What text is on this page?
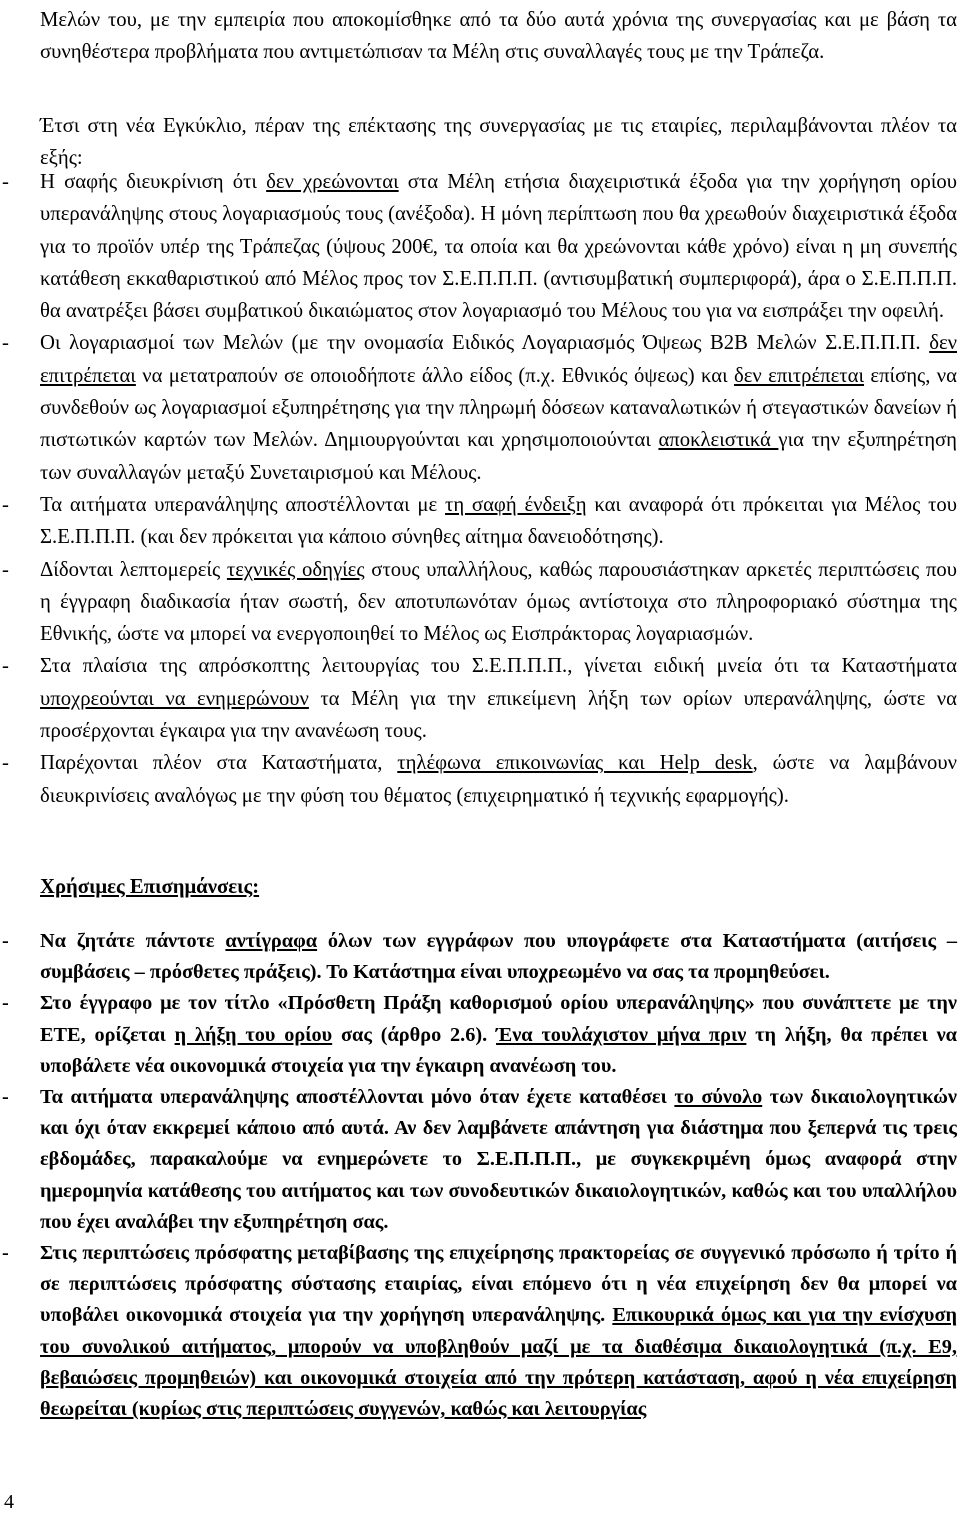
Μελών του, με την εμπειρία που αποκομίσθηκε από τα δύο αυτά χρόνια της συνεργασίας και με βάση τα συνηθέστερα προβλήματα που αντιμετώπισαν τα Μέλη στις συναλλαγές τους με την Τράπεζα.

Έτσι στη νέα Εγκύκλιο, πέραν της επέκτασης της συνεργασίας με τις εταιρίες, περιλαμβάνονται πλέον τα εξής:

- Η σαφής διευκρίνιση ότι δεν χρεώνονται στα Μέλη ετήσια διαχειριστικά έξοδα για την χορήγηση ορίου υπερανάληψης στους λογαριασμούς τους (ανέξοδα). Η μόνη περίπτωση που θα χρεωθούν διαχειριστικά έξοδα για το προϊόν υπέρ της Τράπεζας (ύψους 200€, τα οποία και θα χρεώνονται κάθε χρόνο) είναι η μη συνεπής κατάθεση εκκαθαριστικού από Μέλος προς τον Σ.Ε.Π.Π.Π. (αντισυμβατική συμπεριφορά), άρα ο Σ.Ε.Π.Π.Π. θα ανατρέξει βάσει συμβατικού δικαιώματος στον λογαριασμό του Μέλους του για να εισπράξει την οφειλή.
- Οι λογαριασμοί των Μελών (με την ονομασία Ειδικός Λογαριασμός Όψεως B2B Μελών Σ.Ε.Π.Π.Π. δεν επιτρέπεται να μετατραπούν σε οποιοδήποτε άλλο είδος (π.χ. Εθνικός όψεως) και δεν επιτρέπεται επίσης, να συνδεθούν ως λογαριασμοί εξυπηρέτησης για την πληρωμή δόσεων καταναλωτικών ή στεγαστικών δανείων ή πιστωτικών καρτών των Μελών. Δημιουργούνται και χρησιμοποιούνται αποκλειστικά για την εξυπηρέτηση των συναλλαγών μεταξύ Συνεταιρισμού και Μέλους.
- Τα αιτήματα υπερανάληψης αποστέλλονται με τη σαφή ένδειξη και αναφορά ότι πρόκειται για Μέλος του Σ.Ε.Π.Π.Π. (και δεν πρόκειται για κάποιο σύνηθες αίτημα δανειοδότησης).
- Δίδονται λεπτομερείς τεχνικές οδηγίες στους υπαλλήλους, καθώς παρουσιάστηκαν αρκετές περιπτώσεις που η έγγραφη διαδικασία ήταν σωστή, δεν αποτυπωνόταν όμως αντίστοιχα στο πληροφοριακό σύστημα της Εθνικής, ώστε να μπορεί να ενεργοποιηθεί το Μέλος ως Εισπράκτορας λογαριασμών.
- Στα πλαίσια της απρόσκοπτης λειτουργίας του Σ.Ε.Π.Π.Π., γίνεται ειδική μνεία ότι τα Καταστήματα υποχρεούνται να ενημερώνουν τα Μέλη για την επικείμενη λήξη των ορίων υπερανάληψης, ώστε να προσέρχονται έγκαιρα για την ανανέωση τους.
- Παρέχονται πλέον στα Καταστήματα, τηλέφωνα επικοινωνίας και Help desk, ώστε να λαμβάνουν διευκρινίσεις αναλόγως με την φύση του θέματος (επιχειρηματικό ή τεχνικής εφαρμογής).

Χρήσιμες Επισημάνσεις:

- Να ζητάτε πάντοτε αντίγραφα όλων των εγγράφων που υπογράφετε στα Καταστήματα (αιτήσεις – συμβάσεις – πρόσθετες πράξεις). Το Κατάστημα είναι υποχρεωμένο να σας τα προμηθεύσει.
- Στο έγγραφο με τον τίτλο «Πρόσθετη Πράξη καθορισμού ορίου υπερανάληψης» που συνάπτετε με την ΕΤΕ, ορίζεται η λήξη του ορίου σας (άρθρο 2.6). Ένα τουλάχιστον μήνα πριν τη λήξη, θα πρέπει να υποβάλετε νέα οικονομικά στοιχεία για την έγκαιρη ανανέωση του.
- Τα αιτήματα υπερανάληψης αποστέλλονται μόνο όταν έχετε καταθέσει το σύνολο των δικαιολογητικών και όχι όταν εκκρεμεί κάποιο από αυτά. Αν δεν λαμβάνετε απάντηση για διάστημα που ξεπερνά τις τρεις εβδομάδες, παρακαλούμε να ενημερώνετε το Σ.Ε.Π.Π.Π., με συγκεκριμένη όμως αναφορά στην ημερομηνία κατάθεσης του αιτήματος και των συνοδευτικών δικαιολογητικών, καθώς και του υπαλλήλου που έχει αναλάβει την εξυπηρέτηση σας.
- Στις περιπτώσεις πρόσφατης μεταβίβασης της επιχείρησης πρακτορείας σε συγγενικό πρόσωπο ή τρίτο ή σε περιπτώσεις πρόσφατης σύστασης εταιρίας, είναι επόμενο ότι η νέα επιχείρηση δεν θα μπορεί να υποβάλει οικονομικά στοιχεία για την χορήγηση υπερανάληψης. Επικουρικά όμως και για την ενίσχυση του συνολικού αιτήματος, μπορούν να υποβληθούν μαζί με τα διαθέσιμα δικαιολογητικά (π.χ. Ε9, βεβαιώσεις προμηθειών) και οικονομικά στοιχεία από την πρότερη κατάσταση, αφού η νέα επιχείρηση θεωρείται (κυρίως στις περιπτώσεις συγγενών, καθώς και λειτουργίας
4
